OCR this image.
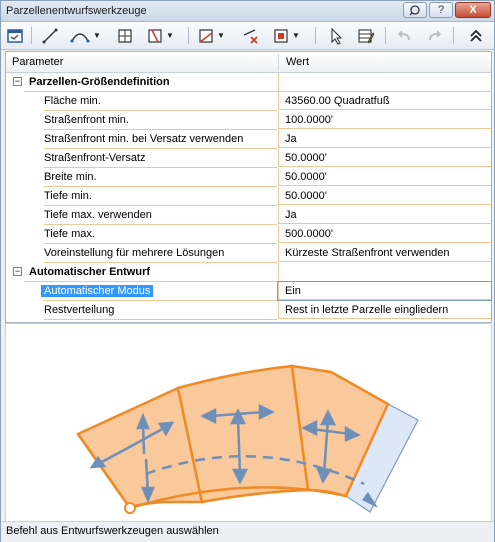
Parzellenentwurfswerkzeuge	? X
▼	▼	▼	▼
Parameter	Wert
− Parzellen-Größendefinition
Fläche min.	43560.00 Quadratfuß
Straßenfront min.	100.0000'
Straßenfront min. bei Versatz verwenden	Ja
Straßenfront-Versatz	50.0000'
Breite min.	50.0000'
Tiefe min.	50.0000'
Tiefe max. verwenden	Ja
Tiefe max.	500.0000'
Voreinstellung für mehrere Lösungen	Kürzeste Straßenfront verwenden
− Automatischer Entwurf
Automatischer Modus	Ein
Restverteilung	Rest in letzte Parzelle eingliedern
Befehl aus Entwurfswerkzeugen auswählen
